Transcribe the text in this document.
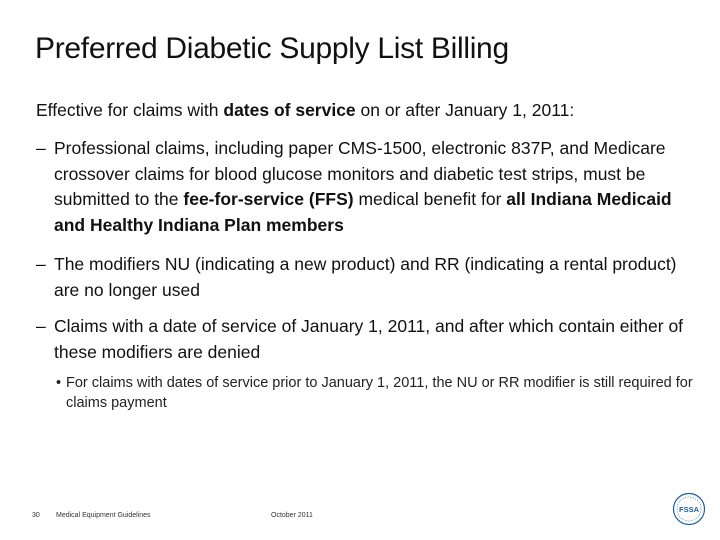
Preferred Diabetic Supply List Billing
Effective for claims with dates of service on or after January 1, 2011:
– Professional claims, including paper CMS-1500, electronic 837P, and Medicare crossover claims for blood glucose monitors and diabetic test strips, must be submitted to the fee-for-service (FFS) medical benefit for all Indiana Medicaid and Healthy Indiana Plan members
– The modifiers NU (indicating a new product) and RR (indicating a rental product) are no longer used
– Claims with a date of service of January 1, 2011, and after which contain either of these modifiers are denied
• For claims with dates of service prior to January 1, 2011, the NU or RR modifier is still required for claims payment
30 Medical Equipment Guidelines	October 2011
FSSA
